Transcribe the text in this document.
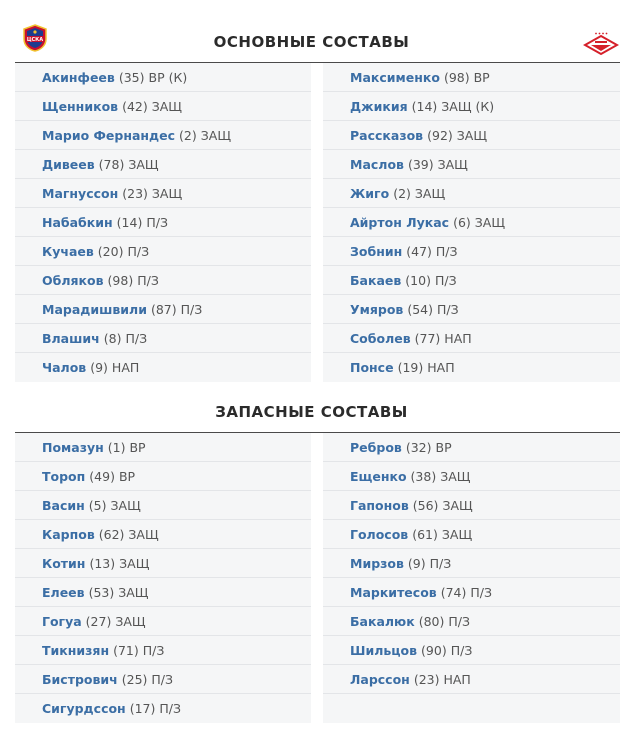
ЦСКА	ОСНОВНЫЕ СОСТАВЫ
Акинфеев (35) ВР (К)
Щенников (42) ЗАЩ
Марио Фернандес (2) ЗАЩ
Дивеев (78) ЗАЩ
Магнуссон (23) ЗАЩ
Набабкин (14) П/З
Кучаев (20) П/З
Обляков (98) П/З
Марадишвили (87) П/З
Влашич (8) П/З
Чалов (9) НАП
Максименко (98) ВР
Джикия (14) ЗАЩ (К)
Рассказов (92) ЗАЩ
Маслов (39) ЗАЩ
Жиго (2) ЗАЩ
Айртон Лукас (6) ЗАЩ
Зобнин (47) П/З
Бакаев (10) П/З
Умяров (54) П/З
Соболев (77) НАП
Понсе (19) НАП
ЗАПАСНЫЕ СОСТАВЫ
Помазун (1) ВР
Тороп (49) ВР
Васин (5) ЗАЩ
Карпов (62) ЗАЩ
Котин (13) ЗАЩ
Елеев (53) ЗАЩ
Гогуа (27) ЗАЩ
Тикнизян (71) П/З
Бистрович (25) П/З
Сигурдссон (17) П/З
Ребров (32) ВР
Ещенко (38) ЗАЩ
Гапонов (56) ЗАЩ
Голосов (61) ЗАЩ
Мирзов (9) П/З
Маркитесов (74) П/З
Бакалюк (80) П/З
Шильцов (90) П/З
Ларссон (23) НАП
